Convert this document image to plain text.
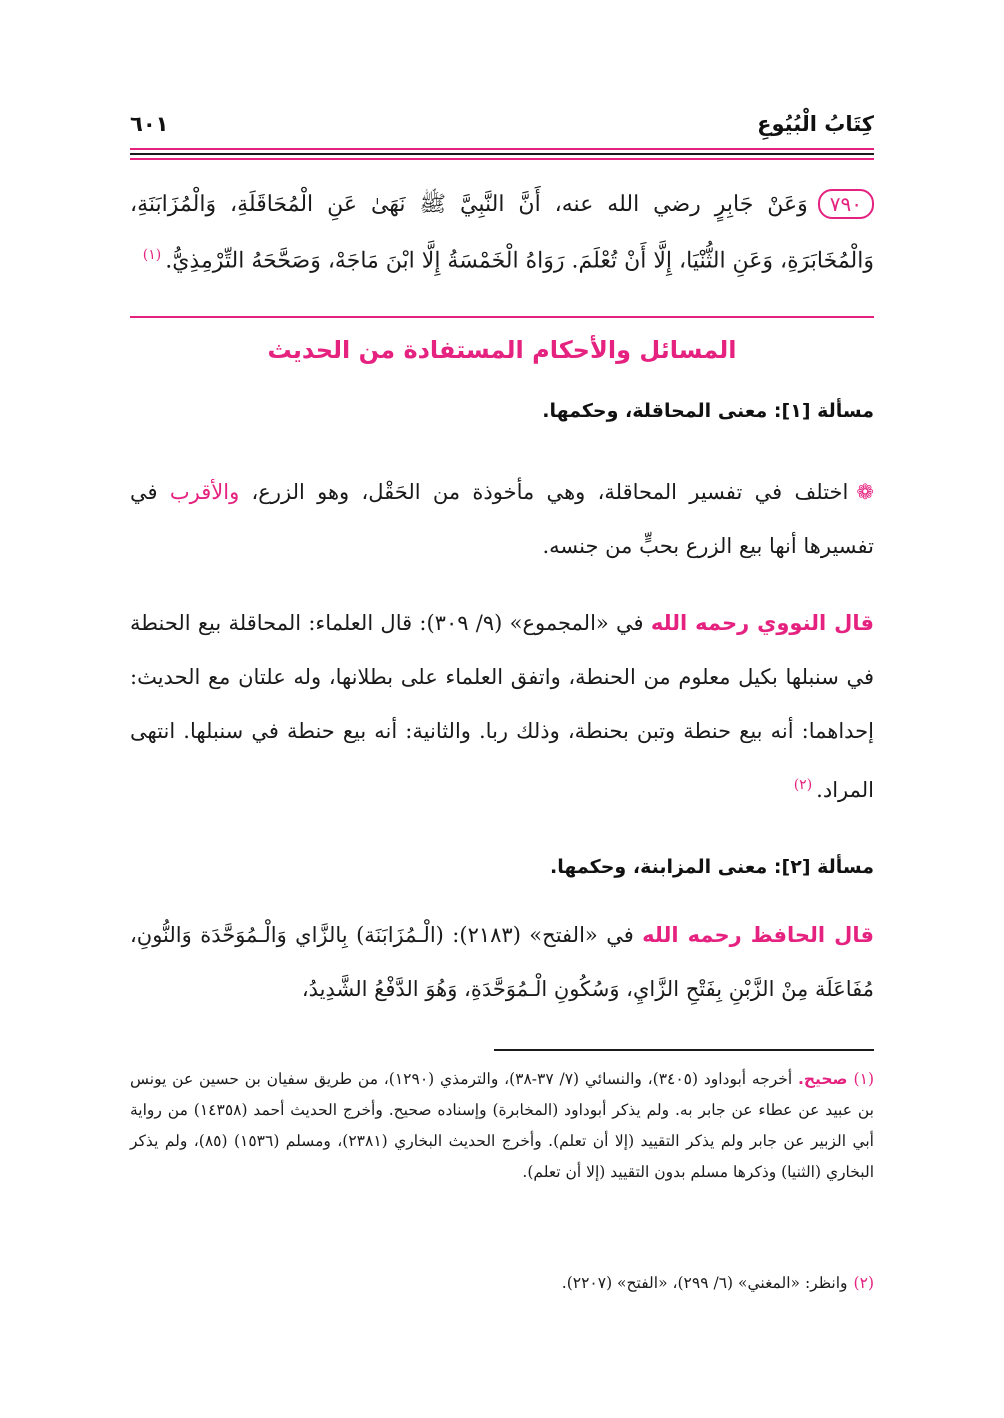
كِتَابُ الْبُيُوعِ
٦٠١
٧٩٠وَعَنْ جَابِرٍ رضي الله عنه، أَنَّ النَّبِيَّ ﷺ نَهَىٰ عَنِ الْمُحَاقَلَةِ، وَالْمُزَابَنَةِ، وَالْمُخَابَرَةِ، وَعَنِ الثُّنْيَا، إِلَّا أَنْ تُعْلَمَ. رَوَاهُ الْخَمْسَةُ إِلَّا ابْنَ مَاجَهْ، وَصَحَّحَهُ التِّرْمِذِيُّ.$^{(١)}$
المسائل والأحكام المستفادة من الحديث
مسألة [١]: معنى المحاقلة، وحكمها.
❁اختلف في تفسير المحاقلة، وهي مأخوذة من الحَقْل، وهو الزرع، والأقرب في تفسيرها أنها بيع الزرع بحبٍّ من جنسه.
قال النووي رحمه الله في «المجموع» (٩/ ٣٠٩): قال العلماء: المحاقلة بيع الحنطة في سنبلها بكيل معلوم من الحنطة، واتفق العلماء على بطلانها، وله علتان مع الحديث: إحداهما: أنه بيع حنطة وتبن بحنطة، وذلك ربا. والثانية: أنه بيع حنطة في سنبلها. انتهى المراد.$^{(٢)}$
مسألة [٢]: معنى المزابنة، وحكمها.
قال الحافظ رحمه الله في «الفتح» (٢١٨٣): (الْـمُزَابَنَة) بِالزَّاي وَالْـمُوَحَّدَة وَالنُّونِ، مُفَاعَلَة مِنْ الزَّبْنِ بِفَتْحِ الزَّايِ، وَسُكُونِ الْـمُوَحَّدَةِ، وَهُوَ الدَّفْعُ الشَّدِيدُ،
(١)صحيح. أخرجه أبوداود (٣٤٠٥)، والنسائي (٧/ ٣٧-٣٨)، والترمذي (١٢٩٠)، من طريق سفيان بن حسين عن يونس بن عبيد عن عطاء عن جابر به. ولم يذكر أبوداود (المخابرة) وإسناده صحيح. وأخرج الحديث أحمد (١٤٣٥٨) من رواية أبي الزبير عن جابر ولم يذكر التقييد (إلا أن تعلم). وأخرج الحديث البخاري (٢٣٨١)، ومسلم (١٥٣٦) (٨٥)، ولم يذكر البخاري (الثنيا) وذكرها مسلم بدون التقييد (إلا أن تعلم).
(٢)وانظر: «المغني» (٦/ ٢٩٩)، «الفتح» (٢٢٠٧).
